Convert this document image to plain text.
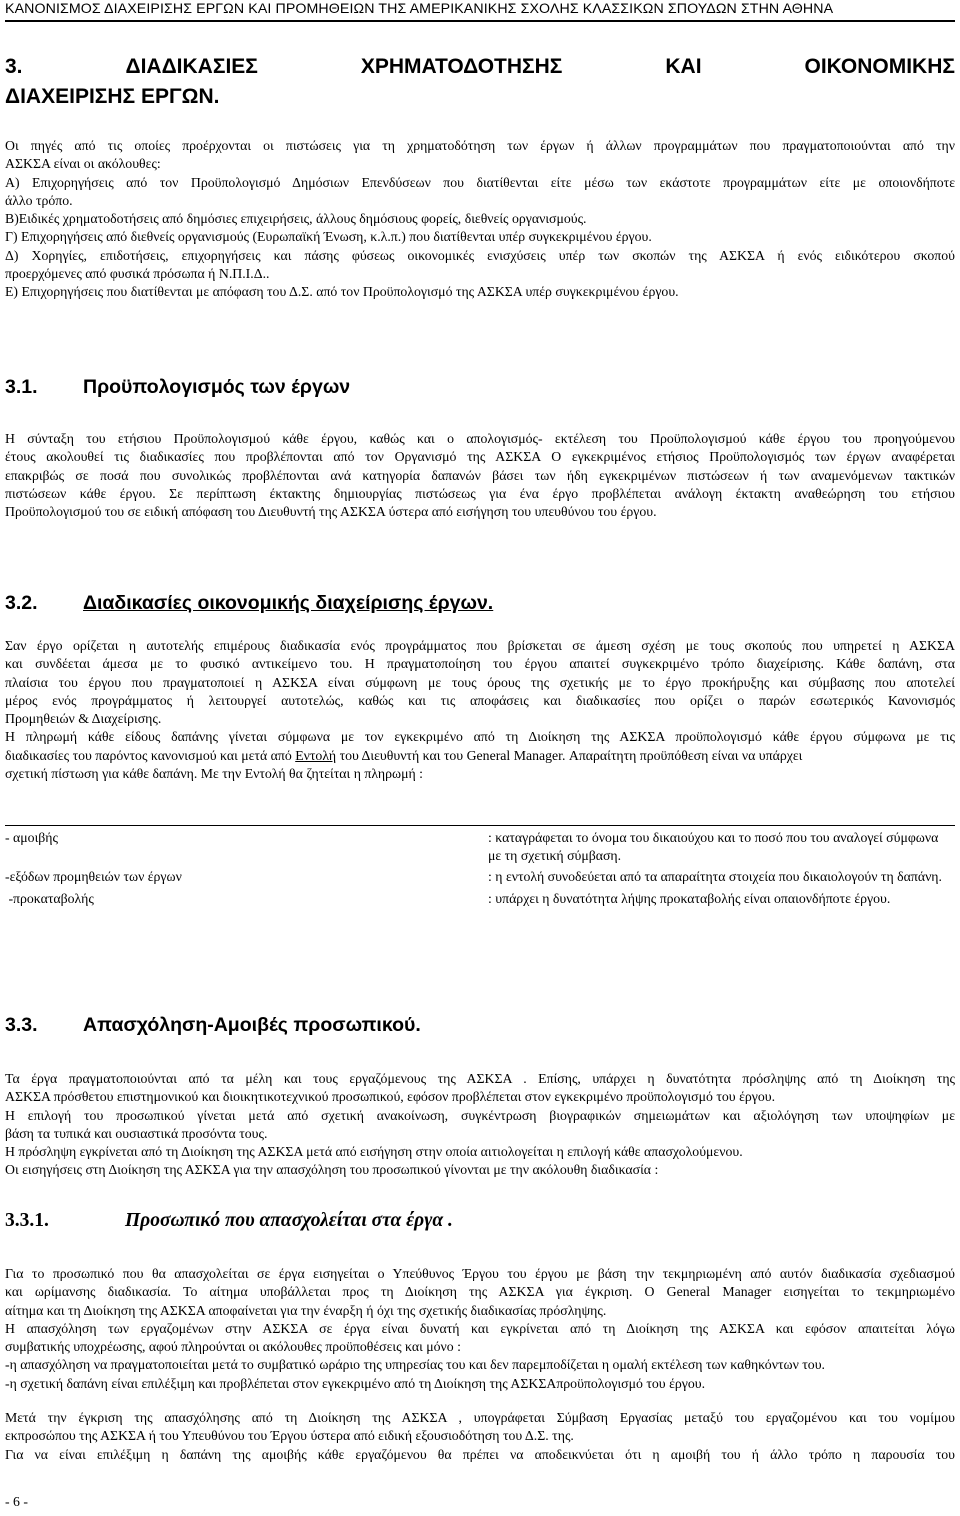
ΚΑΝΟΝΙΣΜΟΣ ΔΙΑΧΕΙΡΙΣΗΣ ΕΡΓΩΝ ΚΑΙ ΠΡΟΜΗΘΕΙΩΝ ΤΗΣ ΑΜΕΡΙΚΑΝΙΚΗΣ ΣΧΟΛΗΣ ΚΛΑΣΣΙΚΩΝ ΣΠΟΥΔΩΝ ΣΤΗΝ ΑΘΗΝΑ
3.	ΔΙΑΔΙΚΑΣΙΕΣ	ΧΡΗΜΑΤΟΔΟΤΗΣΗΣ	ΚΑΙ	ΟΙΚΟΝΟΜΙΚΗΣ
ΔΙΑΧΕΙΡΙΣΗΣ ΕΡΓΩΝ.
Οι πηγές από τις οποίες προέρχονται οι πιστώσεις για τη χρηματοδότηση των έργων ή άλλων προγραμμάτων που πραγματοποιούνται από την
ΑΣΚΣΑ είναι οι ακόλουθες:
Α) Επιχορηγήσεις από τον Προϋπολογισμό Δημόσιων Επενδύσεων που διατίθενται είτε μέσω των εκάστοτε προγραμμάτων είτε με οποιονδήποτε
άλλο τρόπο.
Β)Ειδικές χρηματοδοτήσεις από δημόσιες επιχειρήσεις, άλλους δημόσιους φορείς, διεθνείς οργανισμούς.
Γ) Επιχορηγήσεις από διεθνείς οργανισμούς (Ευρωπαϊκή Ένωση, κ.λ.π.) που διατίθενται υπέρ συγκεκριμένου έργου.
Δ) Χορηγίες, επιδοτήσεις, επιχορηγήσεις και πάσης φύσεως οικονομικές ενισχύσεις υπέρ των σκοπών της ΑΣΚΣΑ ή ενός ειδικότερου σκοπού
προερχόμενες από φυσικά πρόσωπα ή Ν.Π.Ι.Δ..
Ε) Επιχορηγήσεις που διατίθενται με απόφαση του Δ.Σ. από τον Προϋπολογισμό της ΑΣΚΣΑ υπέρ συγκεκριμένου έργου.
3.1. Προϋπολογισμός των έργων
Η σύνταξη του ετήσιου Προϋπολογισμού κάθε έργου, καθώς και ο απολογισμός- εκτέλεση του Προϋπολογισμού κάθε έργου του προηγούμενου
έτους ακολουθεί τις διαδικασίες που προβλέπονται από τον Οργανισμό της ΑΣΚΣΑ Ο εγκεκριμένος ετήσιος Προϋπολογισμός των έργων αναφέρεται
επακριβώς σε ποσά που συνολικώς προβλέπονται ανά κατηγορία δαπανών βάσει των ήδη εγκεκριμένων πιστώσεων ή των αναμενόμενων τακτικών
πιστώσεων κάθε έργου. Σε περίπτωση έκτακτης δημιουργίας πιστώσεως για ένα έργο προβλέπεται ανάλογη έκτακτη αναθεώρηση του ετήσιου
Προϋπολογισμού του σε ειδική απόφαση του Διευθυντή της ΑΣΚΣΑ ύστερα από εισήγηση του υπευθύνου του έργου.
3.2. Διαδικασίες οικονομικής διαχείρισης έργων.
Σαν έργο ορίζεται η αυτοτελής επιμέρους διαδικασία ενός προγράμματος που βρίσκεται σε άμεση σχέση με τους σκοπούς που υπηρετεί η ΑΣΚΣΑ
και συνδέεται άμεσα με το φυσικό αντικείμενο του. Η πραγματοποίηση του έργου απαιτεί συγκεκριμένο τρόπο διαχείρισης. Κάθε δαπάνη, στα
πλαίσια του έργου που πραγματοποιεί η ΑΣΚΣΑ είναι σύμφωνη με τους όρους της σχετικής με το έργο προκήρυξης και σύμβασης που αποτελεί
μέρος ενός προγράμματος ή λειτουργεί αυτοτελώς, καθώς και τις αποφάσεις και διαδικασίες που ορίζει ο παρών εσωτερικός Κανονισμός
Προμηθειών & Διαχείρισης.
Η πληρωμή κάθε είδους δαπάνης γίνεται σύμφωνα με τον εγκεκριμένο από τη Διοίκηση της ΑΣΚΣΑ προϋπολογισμό κάθε έργου σύμφωνα με τις
διαδικασίες του παρόντος κανονισμού και μετά από Εντολή του Διευθυντή και του General Manager. Απαραίτητη προϋπόθεση είναι να υπάρχει
σχετική πίστωση για κάθε δαπάνη. Με την Εντολή θα ζητείται η πληρωμή :
- αμοιβής	: καταγράφεται το όνομα του δικαιούχου και το ποσό που του αναλογεί σύμφωνα με τη σχετική σύμβαση.
-εξόδων προμηθειών των έργων	: η εντολή συνοδεύεται από τα απαραίτητα στοιχεία που δικαιολογούν τη δαπάνη.
-προκαταβολής	: υπάρχει η δυνατότητα λήψης προκαταβολής είναι οπαιονδήποτε έργου.
3.3. Απασχόληση-Αμοιβές προσωπικού.
Τα έργα πραγματοποιούνται από τα μέλη και τους εργαζόμενους της ΑΣΚΣΑ . Επίσης, υπάρχει η δυνατότητα πρόσληψης από τη Διοίκηση της
ΑΣΚΣΑ πρόσθετου επιστημονικού και διοικητικοτεχνικού προσωπικού, εφόσον προβλέπεται στον εγκεκριμένο προϋπολογισμό του έργου.
Η επιλογή του προσωπικού γίνεται μετά από σχετική ανακοίνωση, συγκέντρωση βιογραφικών σημειωμάτων και αξιολόγηση των υποψηφίων με
βάση τα τυπικά και ουσιαστικά προσόντα τους.
Η πρόσληψη εγκρίνεται από τη Διοίκηση της ΑΣΚΣΑ μετά από εισήγηση στην οποία αιτιολογείται η επιλογή κάθε απασχολούμενου.
Οι εισηγήσεις στη Διοίκηση της ΑΣΚΣΑ για την απασχόληση του προσωπικού γίνονται με την ακόλουθη διαδικασία :
3.3.1.	Προσωπικό που απασχολείται στα έργα .
Για το προσωπικό που θα απασχολείται σε έργα εισηγείται ο Υπεύθυνος Έργου του έργου με βάση την τεκμηριωμένη από αυτόν διαδικασία σχεδιασμού
και ωρίμανσης διαδικασία. Το αίτημα υποβάλλεται προς τη Διοίκηση της ΑΣΚΣΑ για έγκριση. Ο General Manager εισηγείται το τεκμηριωμένο
αίτημα και τη Διοίκηση της ΑΣΚΣΑ αποφαίνεται για την έναρξη ή όχι της σχετικής διαδικασίας πρόσληψης.
Η απασχόληση των εργαζομένων στην ΑΣΚΣΑ σε έργα είναι δυνατή και εγκρίνεται από τη Διοίκηση της ΑΣΚΣΑ και εφόσον απαιτείται λόγω
συμβατικής υποχρέωσης, αφού πληρούνται οι ακόλουθες προϋποθέσεις και μόνο :
-η απασχόληση να πραγματοποιείται μετά το συμβατικό ωράριο της υπηρεσίας του και δεν παρεμποδίζεται η ομαλή εκτέλεση των καθηκόντων του.
-η σχετική δαπάνη είναι επιλέξιμη και προβλέπεται στον εγκεκριμένο από τη Διοίκηση της ΑΣΚΣΑπροϋπολογισμό του έργου.
Μετά την έγκριση της απασχόλησης από τη Διοίκηση της ΑΣΚΣΑ , υπογράφεται Σύμβαση Εργασίας μεταξύ του εργαζομένου και του νομίμου
εκπροσώπου της ΑΣΚΣΑ ή του Υπευθύνου του Έργου ύστερα από ειδική εξουσιοδότηση του Δ.Σ. της.
Για να είναι επιλέξιμη η δαπάνη της αμοιβής κάθε εργαζόμενου θα πρέπει να αποδεικνύεται ότι η αμοιβή του ή άλλο τρόπο η παρουσία του
- 6 -
